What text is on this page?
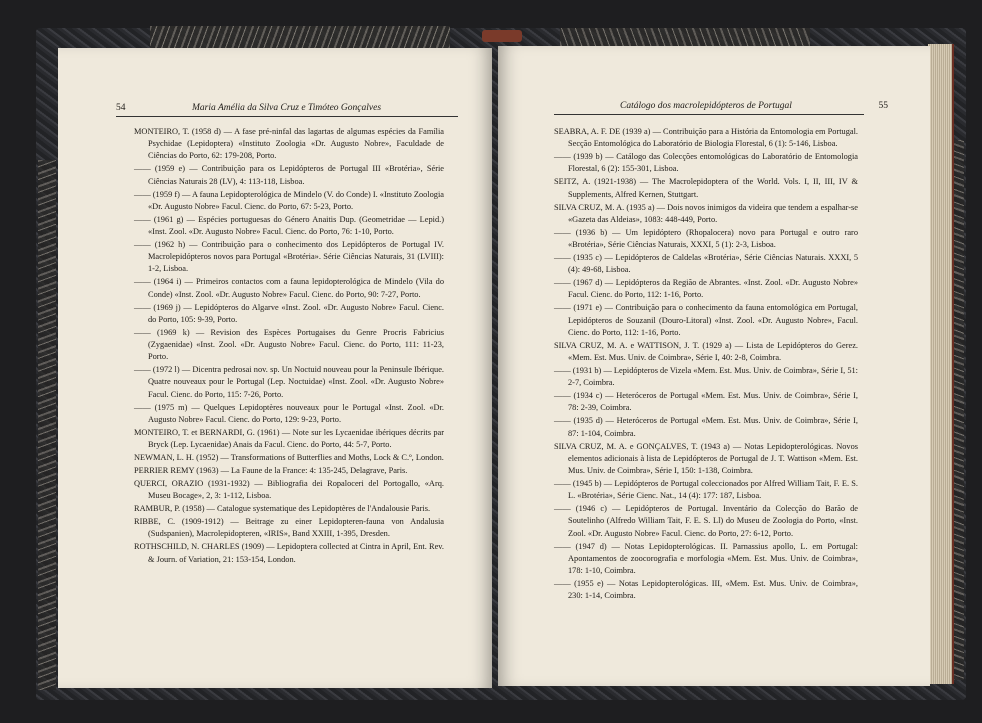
54	Maria Amélia da Silva Cruz e Timóteo Gonçalves

MONTEIRO, T. (1958 d) — A fase pré-ninfal das lagartas de algumas espécies da Família Psychidae (Lepidoptera) «Instituto Zoologia «Dr. Augusto Nobre», Faculdade de Ciências do Porto, 62: 179-208, Porto.

—— (1959 e) — Contribuição para os Lepidópteros de Portugal III «Brotéria», Série Ciências Naturais 28 (LV), 4: 113-118, Lisboa.

—— (1959 f) — A fauna Lepidopterológica de Mindelo (V. do Conde) I. «Instituto Zoologia «Dr. Augusto Nobre» Facul. Cienc. do Porto, 67: 5-23, Porto.

—— (1961 g) — Espécies portuguesas do Género Anaitis Dup. (Geometridae — Lepid.) «Inst. Zool. «Dr. Augusto Nobre» Facul. Cienc. do Porto, 76: 1-10, Porto.

—— (1962 h) — Contribuição para o conhecimento dos Lepidópteros de Portugal IV. Macrolepidópteros novos para Portugal «Brotéria». Série Ciências Naturais, 31 (LVIII): 1-2, Lisboa.

—— (1964 i) — Primeiros contactos com a fauna lepidopterológica de Mindelo (Vila do Conde) «Inst. Zool. «Dr. Augusto Nobre» Facul. Cienc. do Porto, 90: 7-27, Porto.

—— (1969 j) — Lepidópteros do Algarve «Inst. Zool. «Dr. Augusto Nobre» Facul. Cienc. do Porto, 105: 9-39, Porto.

—— (1969 k) — Revision des Espèces Portugaises du Genre Procris Fabricius (Zygaenidae) «Inst. Zool. «Dr. Augusto Nobre» Facul. Cienc. do Porto, 111: 11-23, Porto.

—— (1972 l) — Dicentra pedrosai nov. sp. Un Noctuid nouveau pour la Peninsule Ibérique. Quatre nouveaux pour le Portugal (Lep. Noctuidae) «Inst. Zool. «Dr. Augusto Nobre» Facul. Cienc. do Porto, 115: 7-26, Porto.

—— (1975 m) — Quelques Lepidoptères nouveaux pour le Portugal «Inst. Zool. «Dr. Augusto Nobre» Facul. Cienc. do Porto, 129: 9-23, Porto.

MONTEIRO, T. et BERNARDI, G. (1961) — Note sur les Lycaenidae ibériques décrits par Bryck (Lep. Lycaenidae) Anais da Facul. Cienc. do Porto, 44: 5-7, Porto.

NEWMAN, L. H. (1952) — Transformations of Butterflies and Moths, Lock & C.º, London.

PERRIER REMY (1963) — La Faune de la France: 4: 135-245, Delagrave, Paris.

QUERCI, ORAZIO (1931-1932) — Bibliografia dei Ropaloceri del Portogallo, «Arq. Museu Bocage», 2, 3: 1-112, Lisboa.

RAMBUR, P. (1958) — Catalogue systematique des Lepidoptères de l'Andalousie Paris.

RIBBE, C. (1909-1912) — Beitrage zu einer Lepidopteren-fauna von Andalusia (Sudspanien), Macrolepidopteren, «IRIS», Band XXIII, 1-395, Dresden.

ROTHSCHILD, N. CHARLES (1909) — Lepidoptera collected at Cintra in April, Ent. Rev. & Journ. of Variation, 21: 153-154, London.

Catálogo dos macrolepidópteros de Portugal	55

SEABRA, A. F. DE (1939 a) — Contribuição para a História da Entomologia em Portugal. Secção Entomológica do Laboratório de Biologia Florestal, 6 (1): 5-146, Lisboa.

—— (1939 b) — Catálogo das Colecções entomológicas do Laboratório de Entomologia Florestal, 6 (2): 155-301, Lisboa.

SEITZ, A. (1921-1938) — The Macrolepidoptera of the World. Vols. I, II, III, IV & Supplements, Alfred Kernen, Stuttgart.

SILVA CRUZ, M. A. (1935 a) — Dois novos inimigos da videira que tendem a espalhar-se «Gazeta das Aldeias», 1083: 448-449, Porto.

—— (1936 b) — Um lepidóptero (Rhopalocera) novo para Portugal e outro raro «Brotéria», Série Ciências Naturais, XXXI, 5 (1): 2-3, Lisboa.

—— (1935 c) — Lepidópteros de Caldelas «Brotéria», Série Ciências Naturais. XXXI, 5 (4): 49-68, Lisboa.

—— (1967 d) — Lepidópteros da Região de Abrantes. «Inst. Zool. «Dr. Augusto Nobre» Facul. Cienc. do Porto, 112: 1-16, Porto.

—— (1971 e) — Contribuição para o conhecimento da fauna entomológica em Portugal, Lepidópteros de Souzanil (Douro-Litoral) «Inst. Zool. «Dr. Augusto Nobre», Facul. Cienc. do Porto, 112: 1-16, Porto.

SILVA CRUZ, M. A. e WATTISON, J. T. (1929 a) — Lista de Lepidópteros do Gerez. «Mem. Est. Mus. Univ. de Coimbra», Série I, 40: 2-8, Coimbra.

—— (1931 b) — Lepidópteros de Vizela «Mem. Est. Mus. Univ. de Coimbra», Série I, 51: 2-7, Coimbra.

—— (1934 c) — Heteróceros de Portugal «Mem. Est. Mus. Univ. de Coimbra», Série I, 78: 2-39, Coimbra.

—— (1935 d) — Heteróceros de Portugal «Mem. Est. Mus. Univ. de Coimbra», Série I, 87: 1-104, Coimbra.

SILVA CRUZ, M. A. e GONÇALVES, T. (1943 a) — Notas Lepidopterológicas. Novos elementos adicionais à lista de Lepidópteros de Portugal de J. T. Wattison «Mem. Est. Mus. Univ. de Coimbra», Série I, 150: 1-138, Coimbra.

—— (1945 b) — Lepidópteros de Portugal coleccionados por Alfred William Tait, F. E. S. L. «Brotéria», Série Cienc. Nat., 14 (4): 177: 187, Lisboa.

—— (1946 c) — Lepidópteros de Portugal. Inventário da Colecção do Barão de Soutelinho (Alfredo William Tait, F. E. S. Ll) do Museu de Zoologia do Porto, «Inst. Zool. «Dr. Augusto Nobre» Facul. Cienc. do Porto, 27: 6-12, Porto.

—— (1947 d) — Notas Lepidopterológicas. II. Parnassius apollo, L. em Portugal: Apontamentos de zoocorografia e morfologia «Mem. Est. Mus. Univ. de Coimbra», 178: 1-10, Coimbra.

—— (1955 e) — Notas Lepidopterológicas. III, «Mem. Est. Mus. Univ. de Coimbra», 230: 1-14, Coimbra.
